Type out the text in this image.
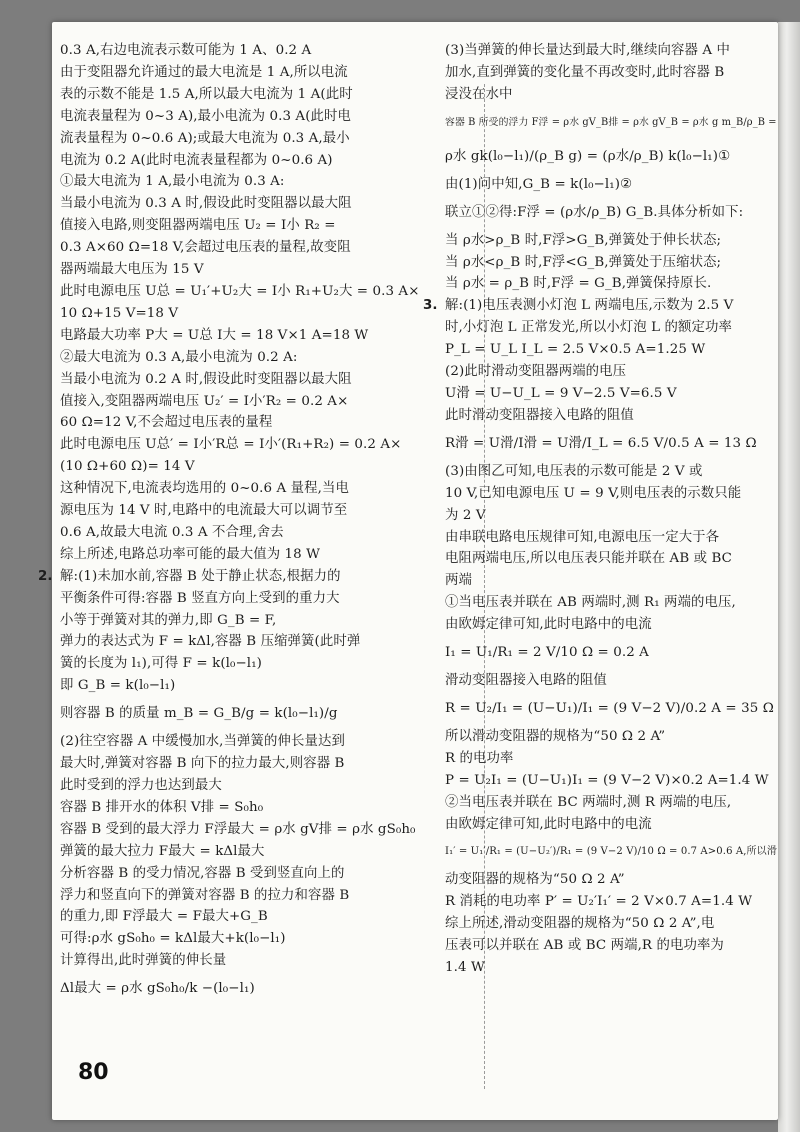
0.3 A,右边电流表示数可能为 1 A、0.2 A
由于变阻器允许通过的最大电流是 1 A,所以电流
表的示数不能是 1.5 A,所以最大电流为 1 A(此时
电流表量程为 0~3 A),最小电流为 0.3 A(此时电
流表量程为 0~0.6 A);或最大电流为 0.3 A,最小
电流为 0.2 A(此时电流表量程都为 0~0.6 A)
①最大电流为 1 A,最小电流为 0.3 A:
当最小电流为 0.3 A 时,假设此时变阻器以最大阻
值接入电路,则变阻器两端电压 U₂ = I小 R₂ =
0.3 A×60 Ω=18 V,会超过电压表的量程,故变阻
器两端最大电压为 15 V
此时电源电压 U总 = U₁′+U₂大 = I小 R₁+U₂大 = 0.3 A×
10 Ω+15 V=18 V
电路最大功率 P大 = U总 I大 = 18 V×1 A=18 W
②最大电流为 0.3 A,最小电流为 0.2 A:
当最小电流为 0.2 A 时,假设此时变阻器以最大阻
值接入,变阻器两端电压 U₂′ = I小′R₂ = 0.2 A×
60 Ω=12 V,不会超过电压表的量程
此时电源电压 U总′ = I小′R总 = I小′(R₁+R₂) = 0.2 A×
(10 Ω+60 Ω)= 14 V
这种情况下,电流表均选用的 0~0.6 A 量程,当电
源电压为 14 V 时,电路中的电流最大可以调节至
0.6 A,故最大电流 0.3 A 不合理,舍去
综上所述,电路总功率可能的最大值为 18 W
2. 解:(1)未加水前,容器 B 处于静止状态,根据力的
平衡条件可得:容器 B 竖直方向上受到的重力大
小等于弹簧对其的弹力,即 G_B = F,
弹力的表达式为 F = kΔl,容器 B 压缩弹簧(此时弹
簧的长度为 l₁),可得 F = k(l₀−l₁)
即 G_B = k(l₀−l₁)
则容器 B 的质量 m_B = G_B/g = k(l₀−l₁)/g
(2)往空容器 A 中缓慢加水,当弹簧的伸长量达到
最大时,弹簧对容器 B 向下的拉力最大,则容器 B
此时受到的浮力也达到最大
容器 B 排开水的体积 V排 = S₀h₀
容器 B 受到的最大浮力 F浮最大 = ρ水 gV排 = ρ水 gS₀h₀
弹簧的最大拉力 F最大 = kΔl最大
分析容器 B 的受力情况,容器 B 受到竖直向上的
浮力和竖直向下的弹簧对容器 B 的拉力和容器 B
的重力,即 F浮最大 = F最大+G_B
可得:ρ水 gS₀h₀ = kΔl最大+k(l₀−l₁)
计算得出,此时弹簧的伸长量
Δl最大 = ρ水 gS₀h₀/k −(l₀−l₁)
(3)当弹簧的伸长量达到最大时,继续向容器 A 中
加水,直到弹簧的变化量不再改变时,此时容器 B
浸没在水中
容器 B 所受的浮力 F浮 = ρ水 gV_B排 = ρ水 gV_B = ρ水 g m_B/ρ_B =
ρ水 gk(l₀−l₁)/(ρ_B g) = (ρ水/ρ_B) k(l₀−l₁)①
由(1)问中知,G_B = k(l₀−l₁)②
联立①②得:F浮 = (ρ水/ρ_B) G_B.具体分析如下:
当 ρ水>ρ_B 时,F浮>G_B,弹簧处于伸长状态;
当 ρ水<ρ_B 时,F浮<G_B,弹簧处于压缩状态;
当 ρ水 = ρ_B 时,F浮 = G_B,弹簧保持原长.
3. 解:(1)电压表测小灯泡 L 两端电压,示数为 2.5 V
时,小灯泡 L 正常发光,所以小灯泡 L 的额定功率
P_L = U_L I_L = 2.5 V×0.5 A=1.25 W
(2)此时滑动变阻器两端的电压
U滑 = U−U_L = 9 V−2.5 V=6.5 V
此时滑动变阻器接入电路的阻值
R滑 = U滑/I滑 = U滑/I_L = 6.5 V/0.5 A = 13 Ω
(3)由图乙可知,电压表的示数可能是 2 V 或
10 V,已知电源电压 U = 9 V,则电压表的示数只能
为 2 V
由串联电路电压规律可知,电源电压一定大于各
电阻两端电压,所以电压表只能并联在 AB 或 BC
两端
①当电压表并联在 AB 两端时,测 R₁ 两端的电压,
由欧姆定律可知,此时电路中的电流
I₁ = U₁/R₁ = 2 V/10 Ω = 0.2 A
滑动变阻器接入电路的阻值
R = U₂/I₁ = (U−U₁)/I₁ = (9 V−2 V)/0.2 A = 35 Ω
所以滑动变阻器的规格为“50 Ω 2 A”
R 的电功率
P = U₂I₁ = (U−U₁)I₁ = (9 V−2 V)×0.2 A=1.4 W
②当电压表并联在 BC 两端时,测 R 两端的电压,
由欧姆定律可知,此时电路中的电流
I₁′ = U₁′/R₁ = (U−U₂′)/R₁ = (9 V−2 V)/10 Ω = 0.7 A>0.6 A,所以滑
动变阻器的规格为“50 Ω 2 A”
R 消耗的电功率 P′ = U₂′I₁′ = 2 V×0.7 A=1.4 W
综上所述,滑动变阻器的规格为“50 Ω 2 A”,电
压表可以并联在 AB 或 BC 两端,R 的电功率为
1.4 W
80
